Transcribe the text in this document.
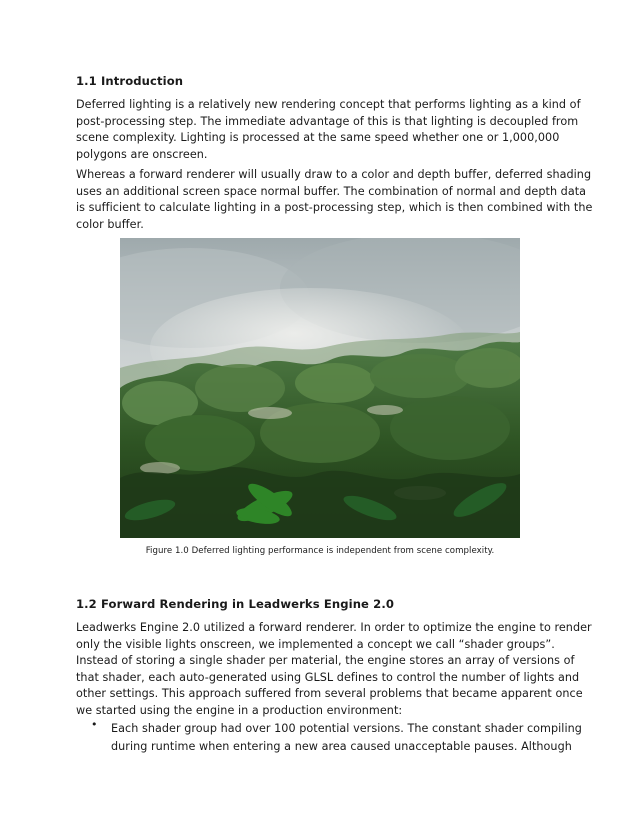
1.1 Introduction
Deferred lighting is a relatively new rendering concept that performs lighting as a kind of
post-processing step. The immediate advantage of this is that lighting is decoupled from
scene complexity. Lighting is processed at the same speed whether one or 1,000,000
polygons are onscreen.
Whereas a forward renderer will usually draw to a color and depth buffer, deferred shading
uses an additional screen space normal buffer. The combination of normal and depth data
is sufficient to calculate lighting in a post-processing step, which is then combined with the
color buffer.
Figure 1.0 Deferred lighting performance is independent from scene complexity.
1.2 Forward Rendering in Leadwerks Engine 2.0
Leadwerks Engine 2.0 utilized a forward renderer. In order to optimize the engine to render
only the visible lights onscreen, we implemented a concept we call “shader groups”.
Instead of storing a single shader per material, the engine stores an array of versions of
that shader, each auto-generated using GLSL defines to control the number of lights and
other settings. This approach suffered from several problems that became apparent once
we started using the engine in a production environment:
• Each shader group had over 100 potential versions. The constant shader compiling
during runtime when entering a new area caused unacceptable pauses. Although
